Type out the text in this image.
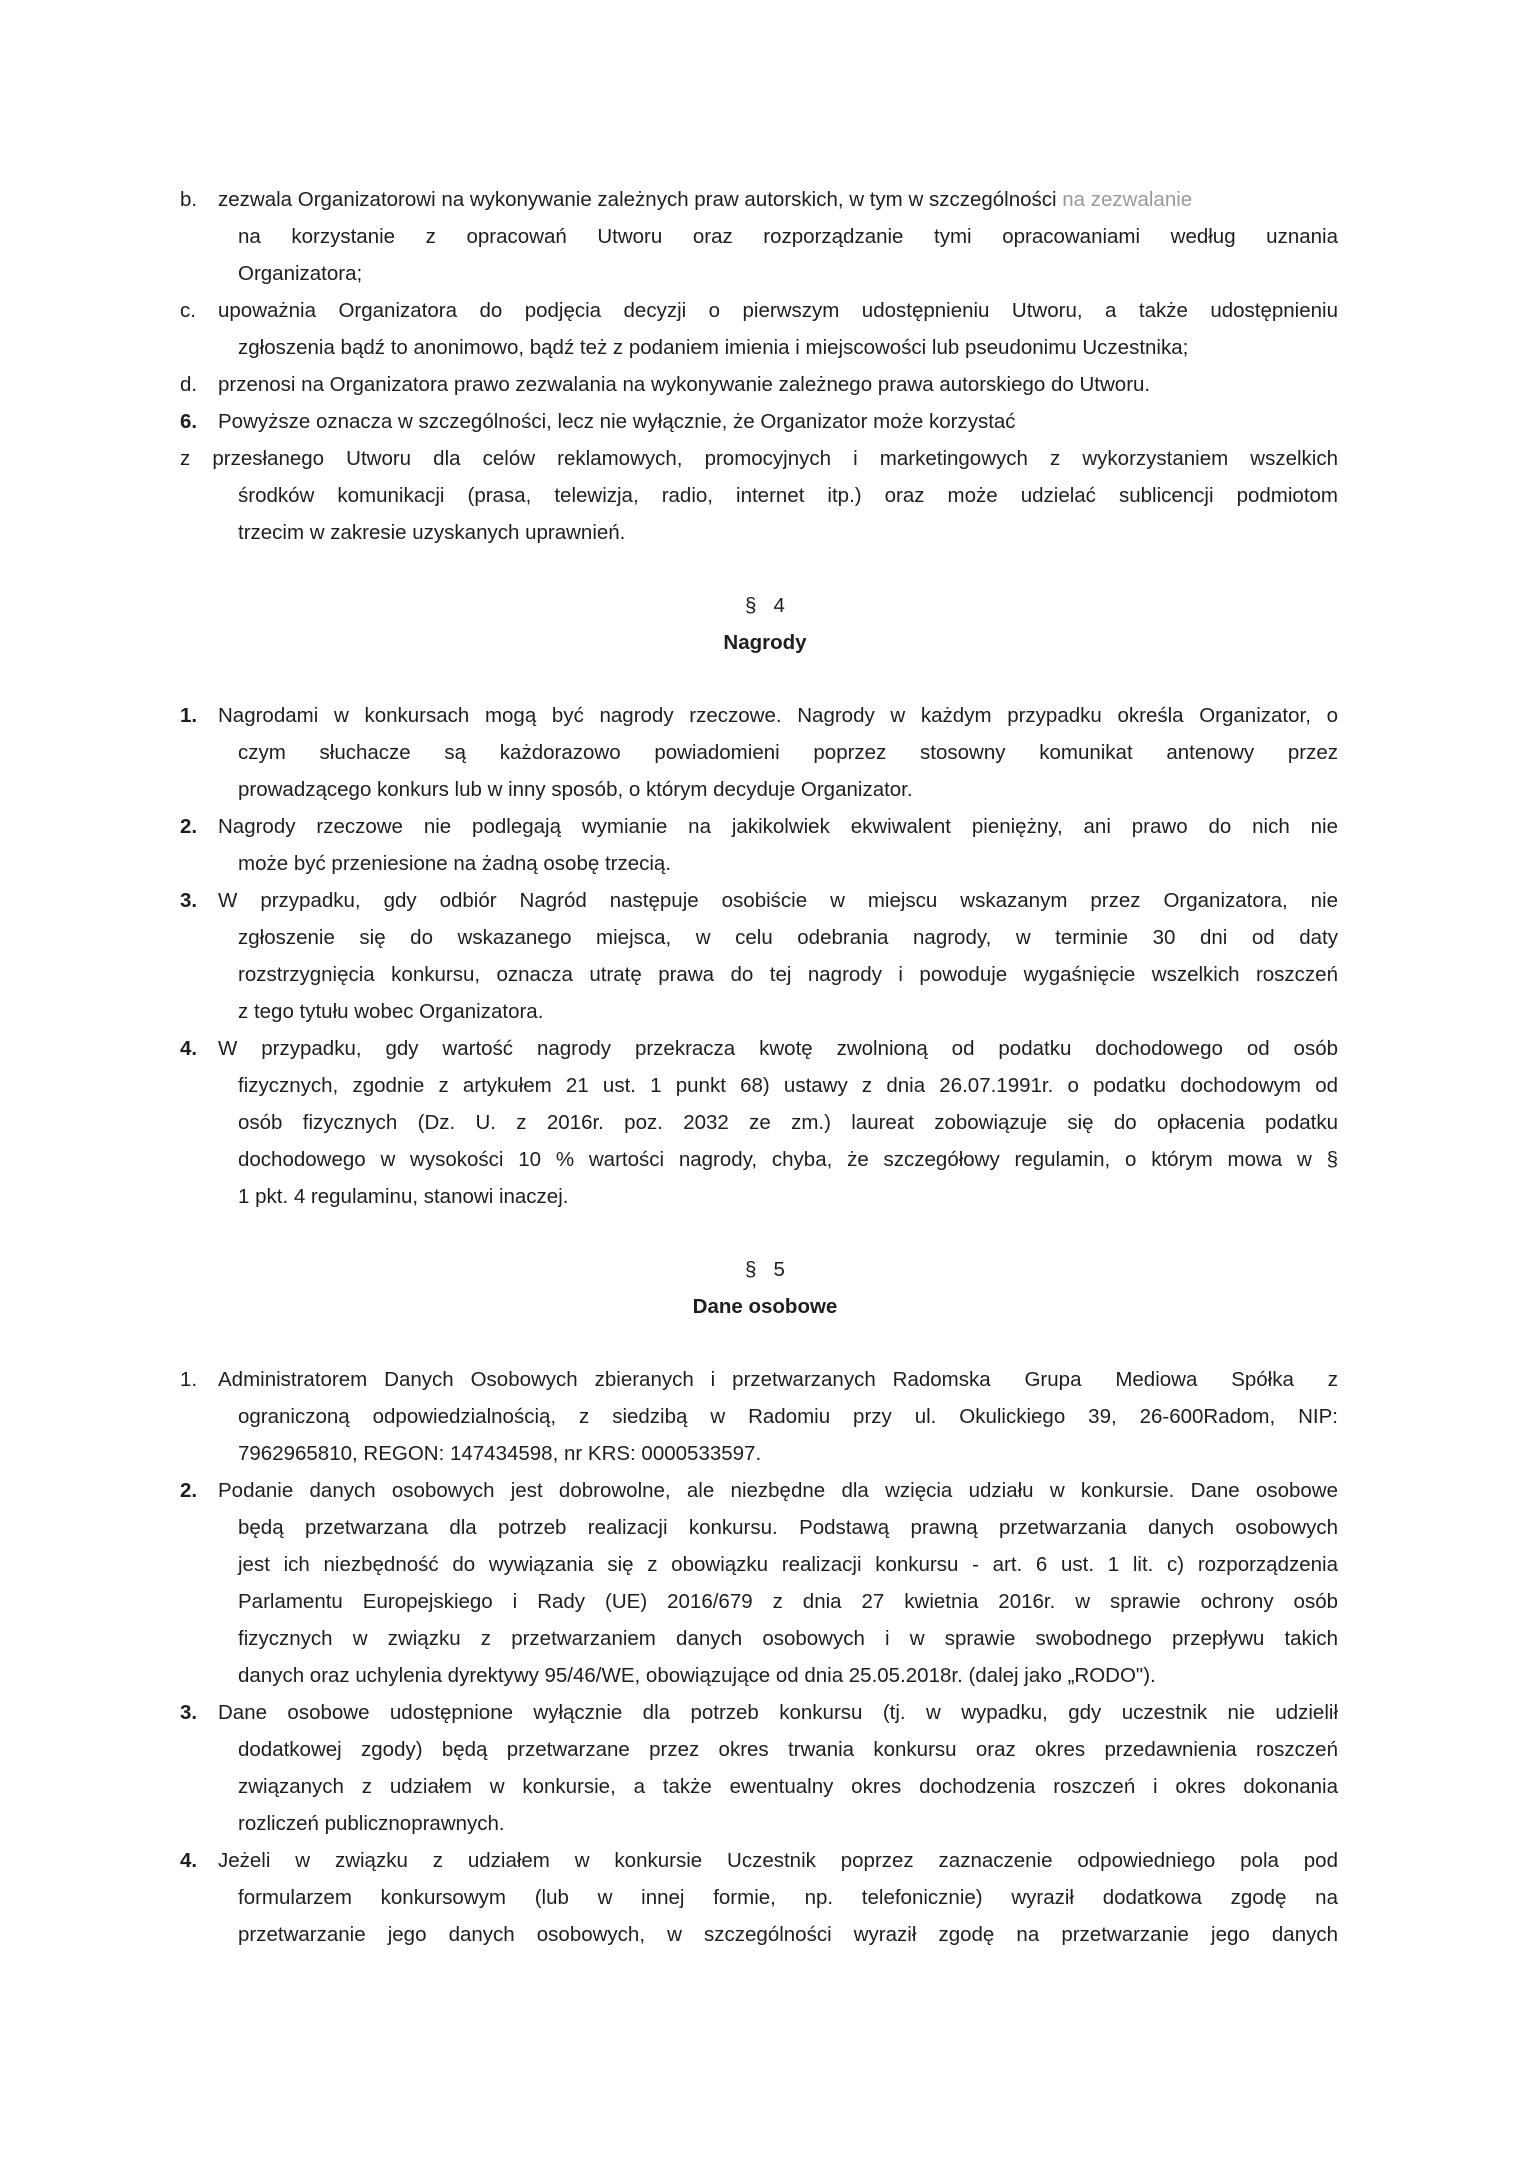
b. zezwala Organizatorowi na wykonywanie zależnych praw autorskich, w tym w szczególności na zezwalanie
na korzystanie z opracowań Utworu oraz rozporządzanie tymi opracowaniami według uznania
Organizatora;
c. upoważnia Organizatora do podjęcia decyzji o pierwszym udostępnieniu Utworu, a także udostępnieniu
zgłoszenia bądź to anonimowo, bądź też z podaniem imienia i miejscowości lub pseudonimu Uczestnika;
d. przenosi na Organizatora prawo zezwalania na wykonywanie zależnego prawa autorskiego do Utworu.
6. Powyższe oznacza w szczególności, lecz nie wyłącznie, że Organizator może korzystać
z przesłanego Utworu dla celów reklamowych, promocyjnych i marketingowych z wykorzystaniem wszelkich
środków komunikacji (prasa, telewizja, radio, internet itp.) oraz może udzielać sublicencji podmiotom
trzecim w zakresie uzyskanych uprawnień.
§   4
Nagrody
1. Nagrodami w konkursach mogą być nagrody rzeczowe. Nagrody w każdym przypadku określa Organizator, o
czym słuchacze są każdorazowo powiadomieni poprzez stosowny komunikat antenowy przez
prowadzącego konkurs lub w inny sposób, o którym decyduje Organizator.
2. Nagrody rzeczowe nie podlegają wymianie na jakikolwiek ekwiwalent pieniężny, ani prawo do nich nie
może być przeniesione na żadną osobę trzecią.
3. W przypadku, gdy odbiór Nagród następuje osobiście w miejscu wskazanym przez Organizatora, nie
zgłoszenie się do wskazanego miejsca, w celu odebrania nagrody, w terminie 30 dni od daty
rozstrzygnięcia konkursu, oznacza utratę prawa do tej nagrody i powoduje wygaśnięcie wszelkich roszczeń
z tego tytułu wobec Organizatora.
4. W przypadku, gdy wartość nagrody przekracza kwotę zwolnioną od podatku dochodowego od osób
fizycznych, zgodnie z artykułem 21 ust. 1 punkt 68) ustawy z dnia 26.07.1991r. o podatku dochodowym od
osób fizycznych (Dz. U. z 2016r. poz. 2032 ze zm.) laureat zobowiązuje się do opłacenia podatku
dochodowego w wysokości 10 % wartości nagrody, chyba, że szczegółowy regulamin, o którym mowa w §
1 pkt. 4 regulaminu, stanowi inaczej.
§   5
Dane osobowe
1. Administratorem Danych Osobowych zbieranych i przetwarzanych Radomska  Grupa  Mediowa  Spółka  z
ograniczoną odpowiedzialnością, z siedzibą w Radomiu przy ul. Okulickiego 39, 26-600Radom, NIP:
7962965810, REGON: 147434598, nr KRS: 0000533597.
2. Podanie danych osobowych jest dobrowolne, ale niezbędne dla wzięcia udziału w konkursie. Dane osobowe
będą przetwarzana dla potrzeb realizacji konkursu. Podstawą prawną przetwarzania danych osobowych
jest ich niezbędność do wywiązania się z obowiązku realizacji konkursu - art. 6 ust. 1 lit. c) rozporządzenia
Parlamentu Europejskiego i Rady (UE) 2016/679 z dnia 27 kwietnia 2016r. w sprawie ochrony osób
fizycznych w związku z przetwarzaniem danych osobowych i w sprawie swobodnego przepływu takich
danych oraz uchylenia dyrektywy 95/46/WE, obowiązujące od dnia 25.05.2018r. (dalej jako „RODO").
3. Dane osobowe udostępnione wyłącznie dla potrzeb konkursu (tj. w wypadku, gdy uczestnik nie udzielił
dodatkowej zgody) będą przetwarzane przez okres trwania konkursu oraz okres przedawnienia roszczeń
związanych z udziałem w konkursie, a także ewentualny okres dochodzenia roszczeń i okres dokonania
rozliczeń publicznoprawnych.
4. Jeżeli w związku z udziałem w konkursie Uczestnik poprzez zaznaczenie odpowiedniego pola pod
formularzem konkursowym (lub w innej formie, np. telefonicznie) wyraził dodatkowa zgodę na
przetwarzanie jego danych osobowych, w szczególności wyraził zgodę na przetwarzanie jego danych
